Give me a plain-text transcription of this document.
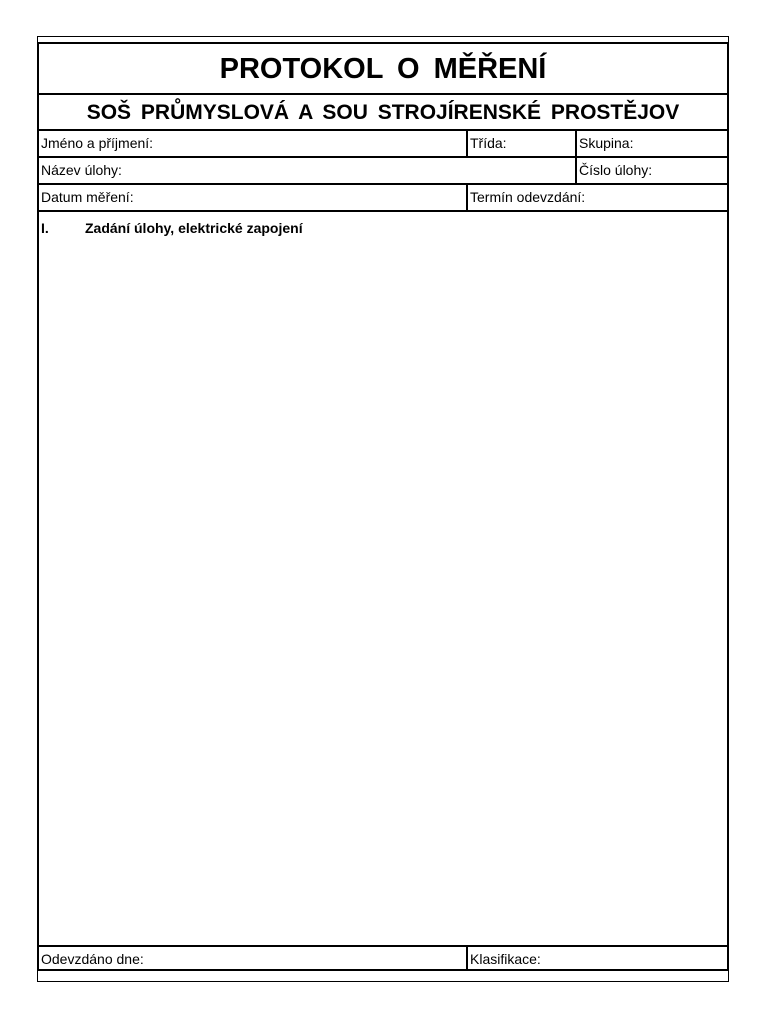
PROTOKOL O MĚŘENÍ
SOŠ PRŮMYSLOVÁ A SOU STROJÍRENSKÉ PROSTĚJOV
Jméno a příjmení:	Třída:	Skupina:
Název úlohy:	Číslo úlohy:
Datum měření:	Termín odevzdání:
I.	Zadání úlohy, elektrické zapojení
Odevzdáno dne:	Klasifikace:
